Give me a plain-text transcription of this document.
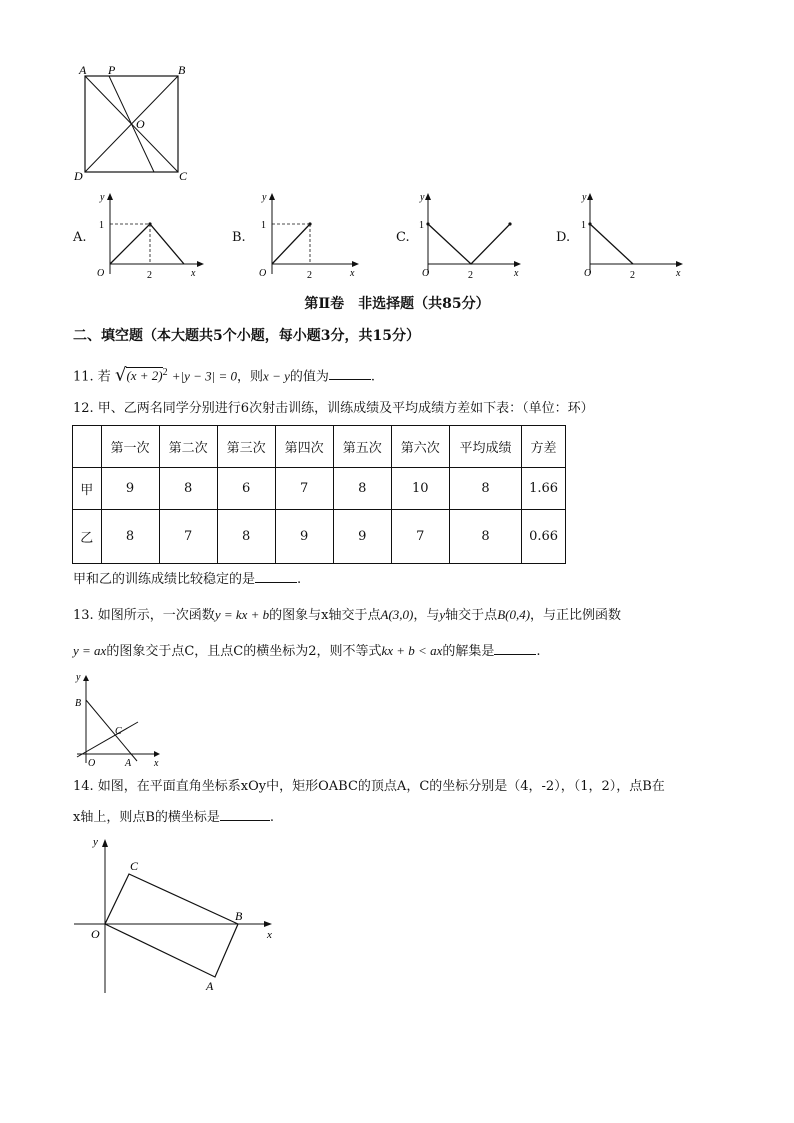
A P	B
O
D	C
A.
1
2
O	x
y
B.
1
2
O	x
y
C.
1
2
O	x
y
D.
1
2
O	x
y
第Ⅱ卷　非选择题（共85分）
二、填空题（本大题共5个小题，每小题3分，共15分）
11. 若 $√(x + 2)^2 +|y - 3| = 0$，则x − y的值为	.
12. 甲、乙两名同学分别进行6次射击训练，训练成绩及平均成绩方差如下表：（单位：环）
	第一次	第二次	第三次	第四次	第五次	第六次	平均成绩	方差
甲	9	8	6	7	8	10	8	1.66
乙	8	7	8	9	9	7	8	0.66
甲和乙的训练成绩比较稳定的是	.
13. 如图所示，一次函数y = kx + b的图象与x轴交于点A(3,0)，与y轴交于点B(0,4)，与正比例函数
y = ax的图象交于点C，且点C的横坐标为2，则不等式kx + b < ax的解集是	.
y
x
B
C
O	A
14. 如图，在平面直角坐标系xOy中，矩形OABC的顶点A，C的坐标分别是（4，-2），（1，2），点B在
x轴上，则点B的横坐标是	.
y
x
C
B
O
A
